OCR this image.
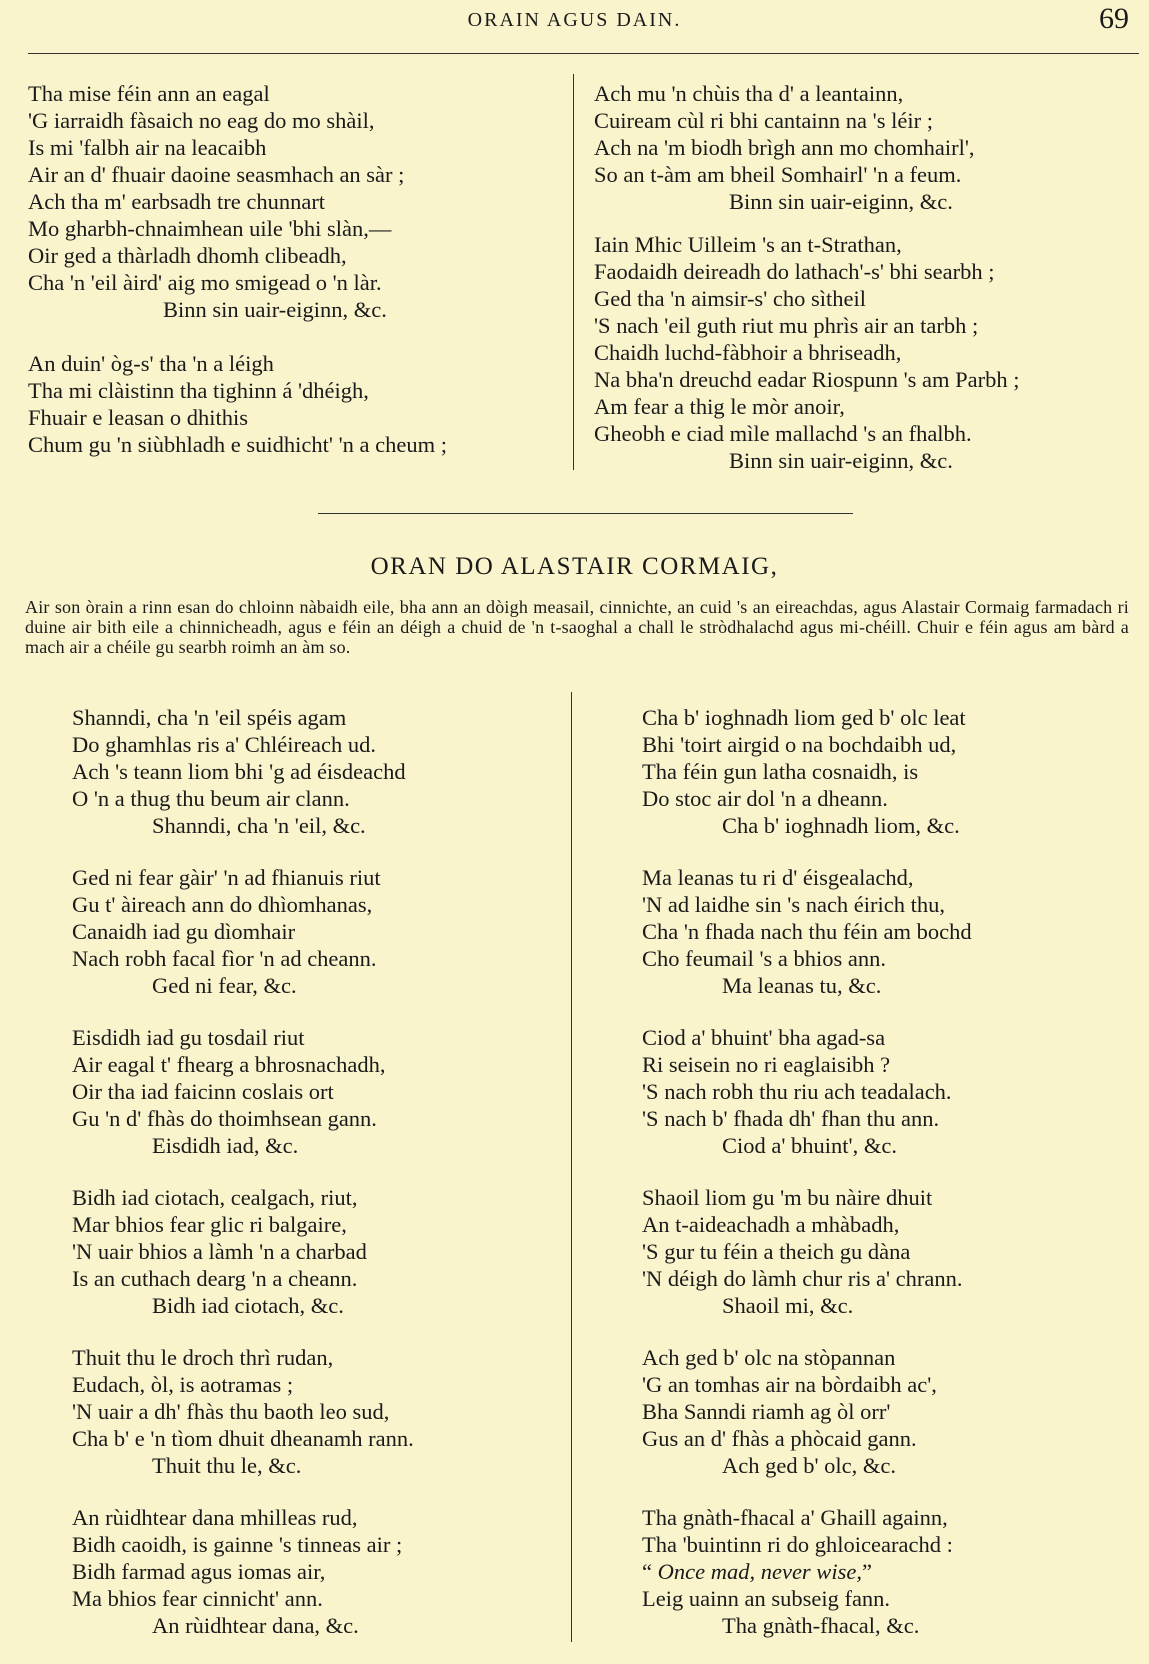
ORAIN AGUS DAIN.	69
Tha mise féin ann an eagal
'G iarraidh fàsaich no eag do mo shàil,
Is mi 'falbh air na leacaibh
Air an d' fhuair daoine seasmhach an sàr ;
Ach tha m' earbsadh tre chunnart
Mo gharbh-chnaimhean uile 'bhi slàn,—
Oir ged a thàrladh dhomh clibeadh,
Cha 'n 'eil àird' aig mo smigead o 'n làr.
Binn sin uair-eiginn, &c.
An duin' òg-s' tha 'n a léigh
Tha mi clàistinn tha tighinn á 'dhéigh,
Fhuair e leasan o dhithis
Chum gu 'n siùbhladh e suidhicht' 'n a cheum ;
Ach mu 'n chùis tha d' a leantainn,
Cuiream cùl ri bhi cantainn na 's léir ;
Ach na 'm biodh brìgh ann mo chomhairl',
So an t-àm am bheil Somhairl' 'n a feum.
Binn sin uair-eiginn, &c.
Iain Mhic Uilleim 's an t-Strathan,
Faodaidh deireadh do lathach'-s' bhi searbh ;
Ged tha 'n aimsir-s' cho sìtheil
'S nach 'eil guth riut mu phrìs air an tarbh ;
Chaidh luchd-fàbhoir a bhriseadh,
Na bha'n dreuchd eadar Riospunn 's am Parbh ;
Am fear a thig le mòr anoir,
Gheobh e ciad mìle mallachd 's an fhalbh.
Binn sin uair-eiginn, &c.
ORAN DO ALASTAIR CORMAIG,
Air son òrain a rinn esan do chloinn nàbaidh eile, bha ann an dòigh measail, cinnichte, an cuid 's an eireachdas, agus Alastair Cormaig farmadach ri duine air bith eile a chinnicheadh, agus e féin an déigh a chuid de 'n t-saoghal a chall le stròdhalachd agus mi-chéill. Chuir e féin agus am bàrd a mach air a chéile gu searbh roimh an àm so.
Shanndi, cha 'n 'eil spéis agam
Do ghamhlas ris a' Chléireach ud.
Ach 's teann liom bhi 'g ad éisdeachd
O 'n a thug thu beum air clann.
Shanndi, cha 'n 'eil, &c.
Ged ni fear gàir' 'n ad fhianuis riut
Gu t' àireach ann do dhìomhanas,
Canaidh iad gu dìomhair
Nach robh facal fìor 'n ad cheann.
Ged ni fear, &c.
Eisdidh iad gu tosdail riut
Air eagal t' fhearg a bhrosnachadh,
Oir tha iad faicinn coslais ort
Gu 'n d' fhàs do thoimhsean gann.
Eisdidh iad, &c.
Bidh iad ciotach, cealgach, riut,
Mar bhios fear glic ri balgaire,
'N uair bhios a làmh 'n a charbad
Is an cuthach dearg 'n a cheann.
Bidh iad ciotach, &c.
Thuit thu le droch thrì rudan,
Eudach, òl, is aotramas ;
'N uair a dh' fhàs thu baoth leo sud,
Cha b' e 'n tìom dhuit dheanamh rann.
Thuit thu le, &c.
An rùidhtear dana mhilleas rud,
Bidh caoidh, is gainne 's tinneas air ;
Bidh farmad agus iomas air,
Ma bhios fear cinnicht' ann.
An rùidhtear dana, &c.
Cha b' ioghnadh liom ged b' olc leat
Bhi 'toirt airgid o na bochdaibh ud,
Tha féin gun latha cosnaidh, is
Do stoc air dol 'n a dheann.
Cha b' ioghnadh liom, &c.
Ma leanas tu ri d' éisgealachd,
'N ad laidhe sin 's nach éirich thu,
Cha 'n fhada nach thu féin am bochd
Cho feumail 's a bhios ann.
Ma leanas tu, &c.
Ciod a' bhuint' bha agad-sa
Ri seisein no ri eaglaisibh ?
'S nach robh thu riu ach teadalach.
'S nach b' fhada dh' fhan thu ann.
Ciod a' bhuint', &c.
Shaoil liom gu 'm bu nàire dhuit
An t-aideachadh a mhàbadh,
'S gur tu féin a theich gu dàna
'N déigh do làmh chur ris a' chrann.
Shaoil mi, &c.
Ach ged b' olc na stòpannan
'G an tomhas air na bòrdaibh ac',
Bha Sanndi riamh ag òl orr'
Gus an d' fhàs a phòcaid gann.
Ach ged b' olc, &c.
Tha gnàth-fhacal a' Ghaill againn,
Tha 'buintinn ri do ghloicearachd :
“ Once mad, never wise,”
Leig uainn an subseig fann.
Tha gnàth-fhacal, &c.
